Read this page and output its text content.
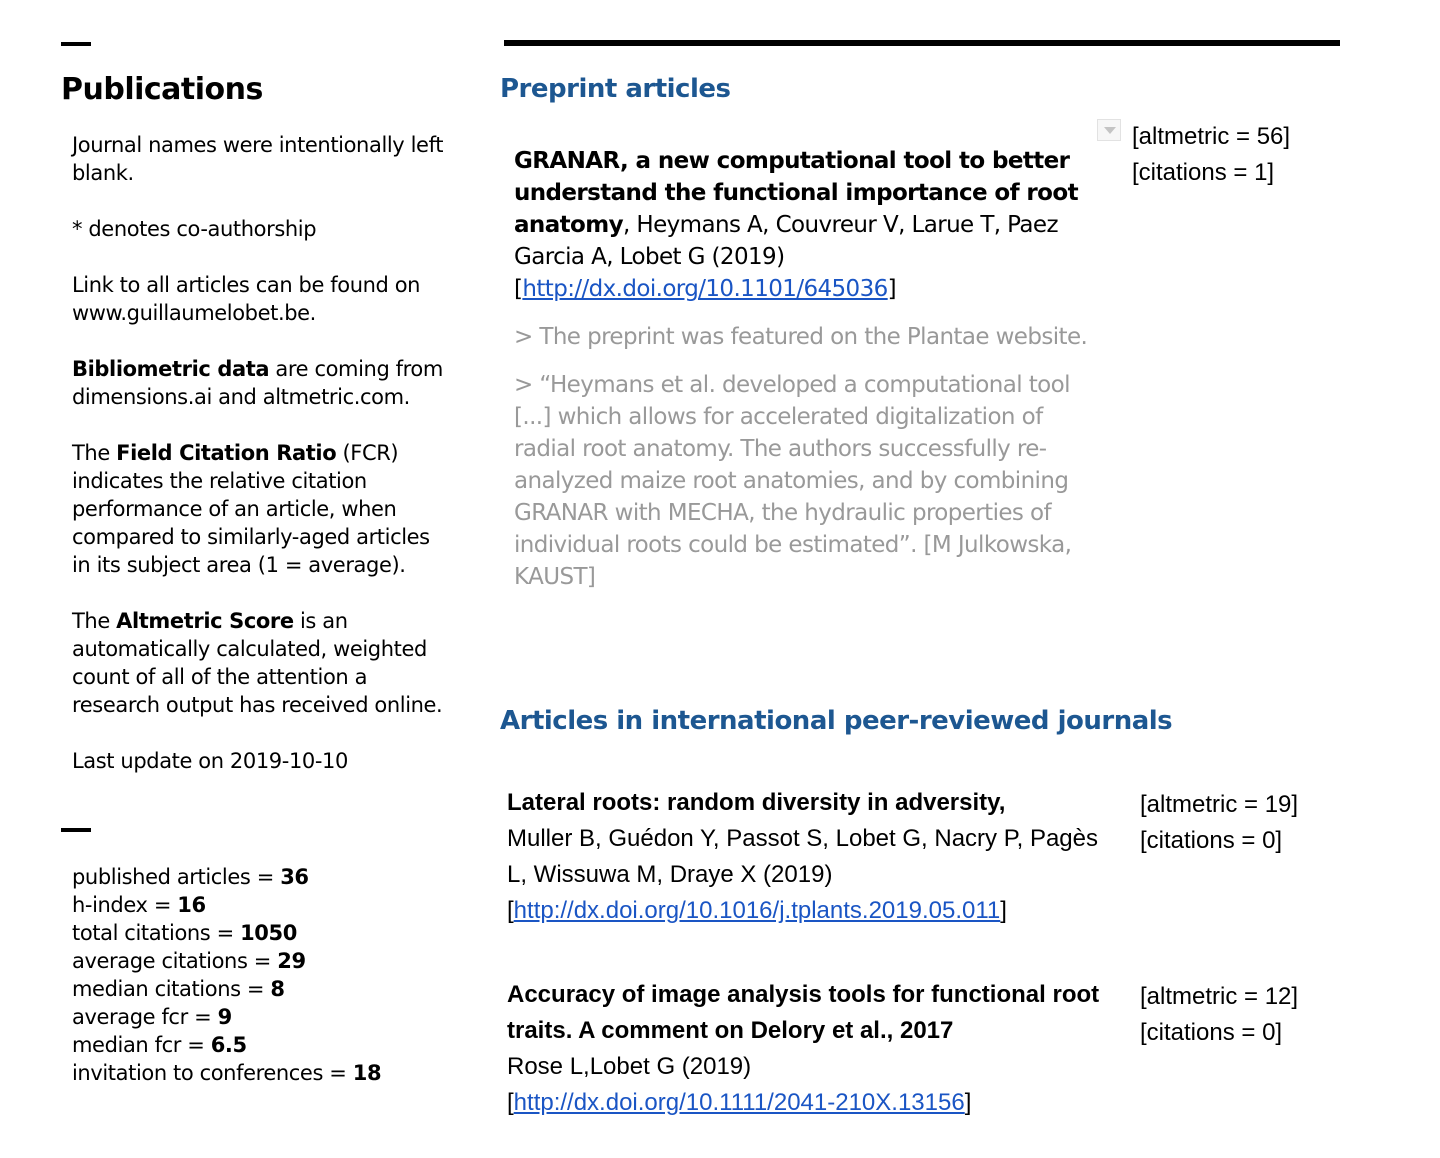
Publications

Journal names were intentionally left blank.

* denotes co-authorship

Link to all articles can be found on www.guillaumelobet.be.

Bibliometric data are coming from dimensions.ai and altmetric.com.

The Field Citation Ratio (FCR) indicates the relative citation performance of an article, when compared to similarly-aged articles in its subject area (1 = average).

The Altmetric Score is an automatically calculated, weighted count of all of the attention a research output has received online.

Last update on 2019-10-10

published articles = 36
h-index = 16
total citations = 1050
average citations = 29
median citations = 8
average fcr = 9
median fcr = 6.5
invitation to conferences = 18
Preprint articles

GRANAR, a new computational tool to better understand the functional importance of root anatomy, Heymans A, Couvreur V, Larue T, Paez Garcia A, Lobet G (2019)
[http://dx.doi.org/10.1101/645036]

> The preprint was featured on the Plantae website.

> “Heymans et al. developed a computational tool [...] which allows for accelerated digitalization of radial root anatomy. The authors successfully re-analyzed maize root anatomies, and by combining GRANAR with MECHA, the hydraulic properties of individual roots could be estimated”. [M Julkowska, KAUST]

[altmetric = 56]
[citations = 1]
Articles in international peer-reviewed journals
Lateral roots: random diversity in adversity,
Muller B, Guédon Y, Passot S, Lobet G, Nacry P, Pagès L, Wissuwa M, Draye X (2019)
[http://dx.doi.org/10.1016/j.tplants.2019.05.011]
[altmetric = 19]
[citations = 0]
Accuracy of image analysis tools for functional root traits. A comment on Delory et al., 2017
Rose L,Lobet G (2019)
[http://dx.doi.org/10.1111/2041-210X.13156]
[altmetric = 12]
[citations = 0]
